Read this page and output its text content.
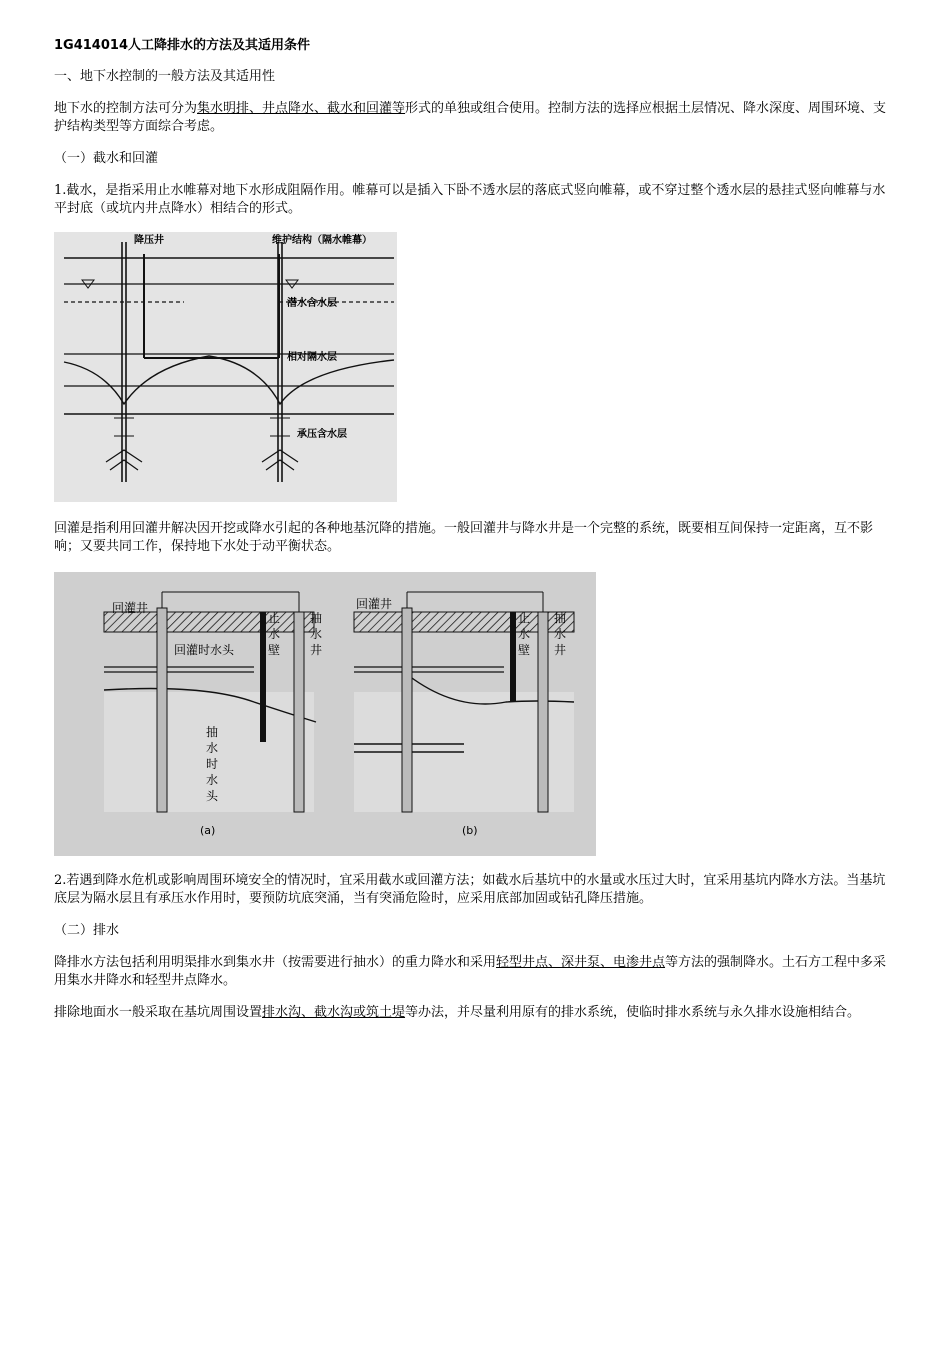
1G414014人工降排水的方法及其适用条件

一、地下水控制的一般方法及其适用性

地下水的控制方法可分为集水明排、井点降水、截水和回灌等形式的单独或组合使用。控制方法的选择应根据土层情况、降水深度、周围环境、支护结构类型等方面综合考虑。

（一）截水和回灌

1.截水，是指采用止水帷幕对地下水形成阻隔作用。帷幕可以是插入下卧不透水层的落底式竖向帷幕，或不穿过整个透水层的悬挂式竖向帷幕与水平封底（或坑内井点降水）相结合的形式。

降压井	维护结构（隔水帷幕）
潜水含水层
相对隔水层
承压含水层

回灌是指利用回灌井解决因开挖或降水引起的各种地基沉降的措施。一般回灌井与降水井是一个完整的系统，既要相互间保持一定距离，互不影响；又要共同工作，保持地下水处于动平衡状态。

回灌井	回灌井
回灌时水头
止
水
壁
抽
水
井
止
水
壁
抽
水
井
抽
水
时
水
头
(a)	(b)

2.若遇到降水危机或影响周围环境安全的情况时，宜采用截水或回灌方法；如截水后基坑中的水量或水压过大时，宜采用基坑内降水方法。当基坑底层为隔水层且有承压水作用时，要预防坑底突涌，当有突涌危险时，应采用底部加固或钻孔降压措施。

（二）排水

降排水方法包括利用明渠排水到集水井（按需要进行抽水）的重力降水和采用轻型井点、深井泵、电渗井点等方法的强制降水。土石方工程中多采用集水井降水和轻型井点降水。

排除地面水一般采取在基坑周围设置排水沟、截水沟或筑土堤等办法，并尽量利用原有的排水系统，使临时排水系统与永久排水设施相结合。
